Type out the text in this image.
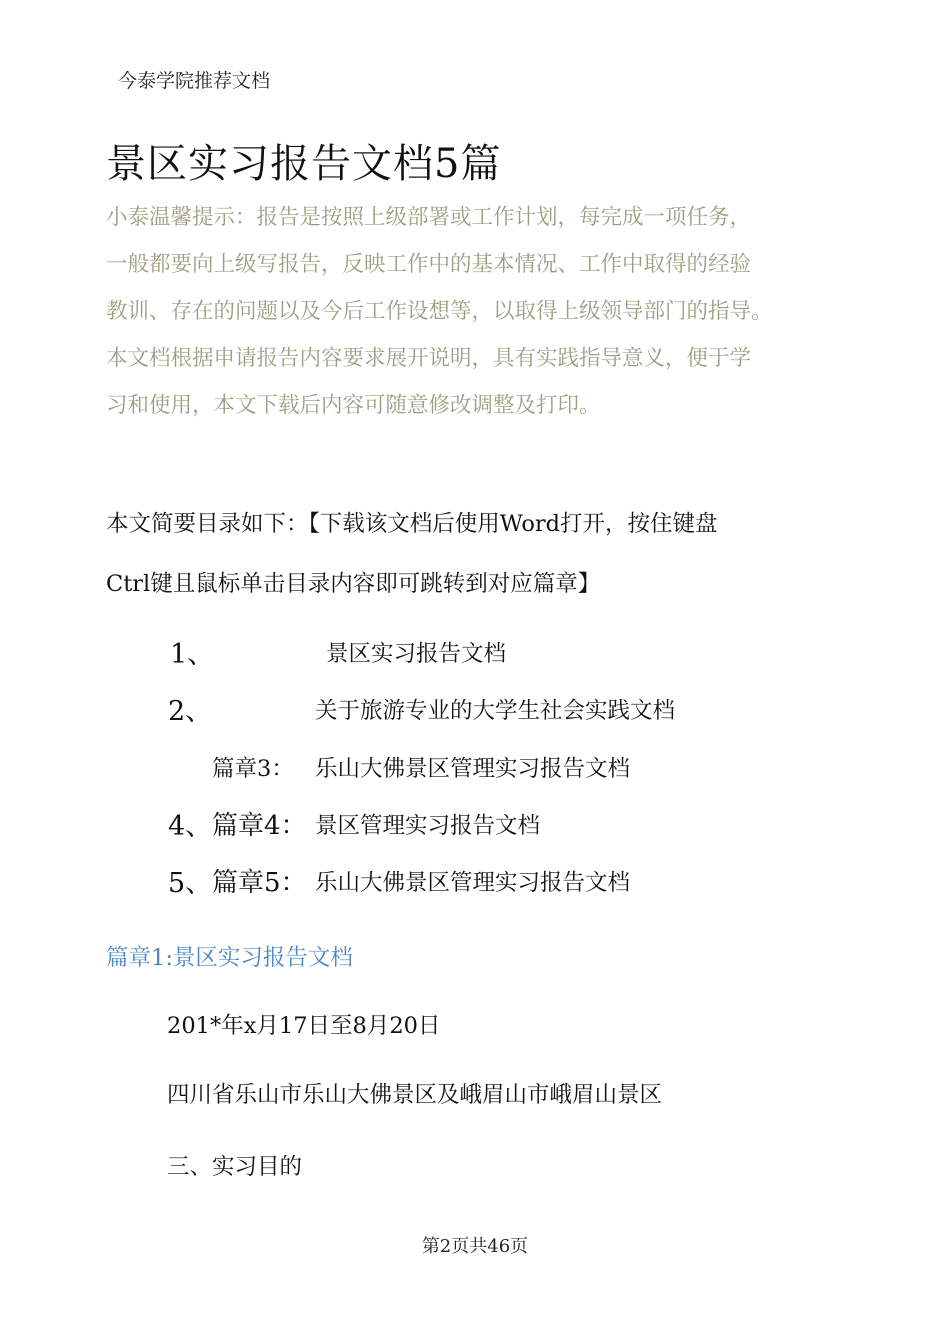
今泰学院推荐文档
景区实习报告文档5篇
小泰温馨提示：报告是按照上级部署或工作计划，每完成一项任务，
一般都要向上级写报告，反映工作中的基本情况、工作中取得的经验
教训、存在的问题以及今后工作设想等，以取得上级领导部门的指导。
本文档根据申请报告内容要求展开说明，具有实践指导意义，便于学
习和使用，本文下载后内容可随意修改调整及打印。
本文简要目录如下：【下载该文档后使用Word打开，按住键盘
Ctrl键且鼠标单击目录内容即可跳转到对应篇章】
1、	景区实习报告文档
2、	关于旅游专业的大学生社会实践文档
篇章3： 乐山大佛景区管理实习报告文档
4、 篇章4： 景区管理实习报告文档
5、 篇章5： 乐山大佛景区管理实习报告文档
篇章1:景区实习报告文档
201*年x月17日至8月20日
四川省乐山市乐山大佛景区及峨眉山市峨眉山景区
三、实习目的
第2页共46页
